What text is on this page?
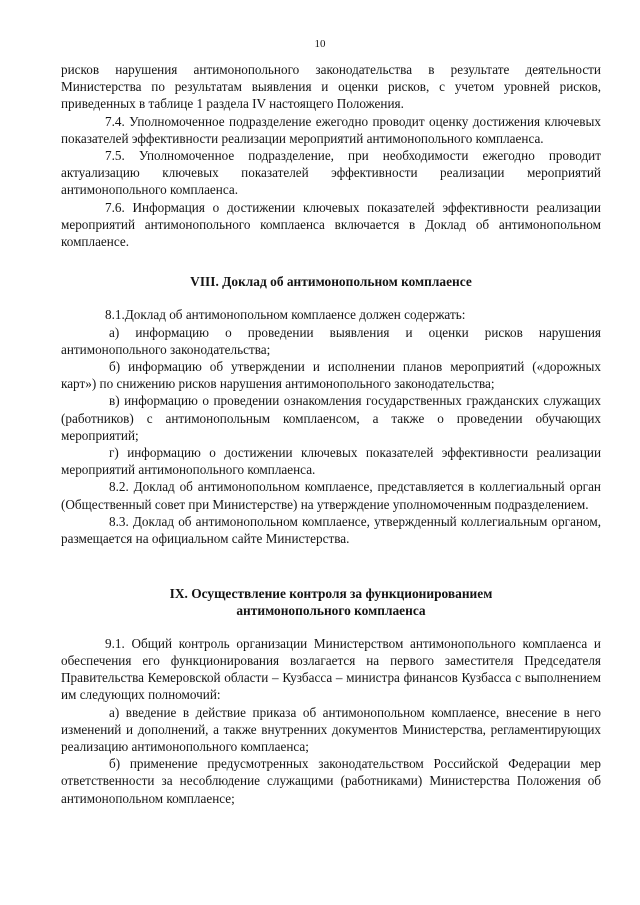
10

рисков нарушения антимонопольного законодательства в результате деятельности Министерства по результатам выявления и оценки рисков, с учетом уровней рисков, приведенных в таблице 1 раздела IV настоящего Положения.

7.4. Уполномоченное подразделение ежегодно проводит оценку достижения ключевых показателей эффективности реализации мероприятий антимонопольного комплаенса.

7.5. Уполномоченное подразделение, при необходимости ежегодно проводит актуализацию ключевых показателей эффективности реализации мероприятий антимонопольного комплаенса.

7.6. Информация о достижении ключевых показателей эффективности реализации мероприятий антимонопольного комплаенса включается в Доклад об антимонопольном комплаенсе.

VIII. Доклад об антимонопольном комплаенсе

8.1.Доклад об антимонопольном комплаенсе должен содержать:

а) информацию о проведении выявления и оценки рисков нарушения антимонопольного законодательства;

б) информацию об утверждении и исполнении планов мероприятий («дорожных карт») по снижению рисков нарушения антимонопольного законодательства;

в) информацию о проведении ознакомления государственных гражданских служащих (работников) с антимонопольным комплаенсом, а также о проведении обучающих мероприятий;

г) информацию о достижении ключевых показателей эффективности реализации мероприятий антимонопольного комплаенса.

8.2. Доклад об антимонопольном комплаенсе, представляется в коллегиальный орган (Общественный совет при Министерстве) на утверждение уполномоченным подразделением.

8.3. Доклад об антимонопольном комплаенсе, утвержденный коллегиальным органом, размещается на официальном сайте Министерства.

IX. Осуществление контроля за функционированием

антимонопольного комплаенса

9.1. Общий контроль организации Министерством антимонопольного комплаенса и обеспечения его функционирования возлагается на первого заместителя Председателя Правительства Кемеровской области – Кузбасса – министра финансов Кузбасса с выполнением им следующих полномочий:

а) введение в действие приказа об антимонопольном комплаенсе, внесение в него изменений и дополнений, а также внутренних документов Министерства, регламентирующих реализацию антимонопольного комплаенса;

б) применение предусмотренных законодательством Российской Федерации мер ответственности за несоблюдение служащими (работниками) Министерства Положения об антимонопольном комплаенсе;
